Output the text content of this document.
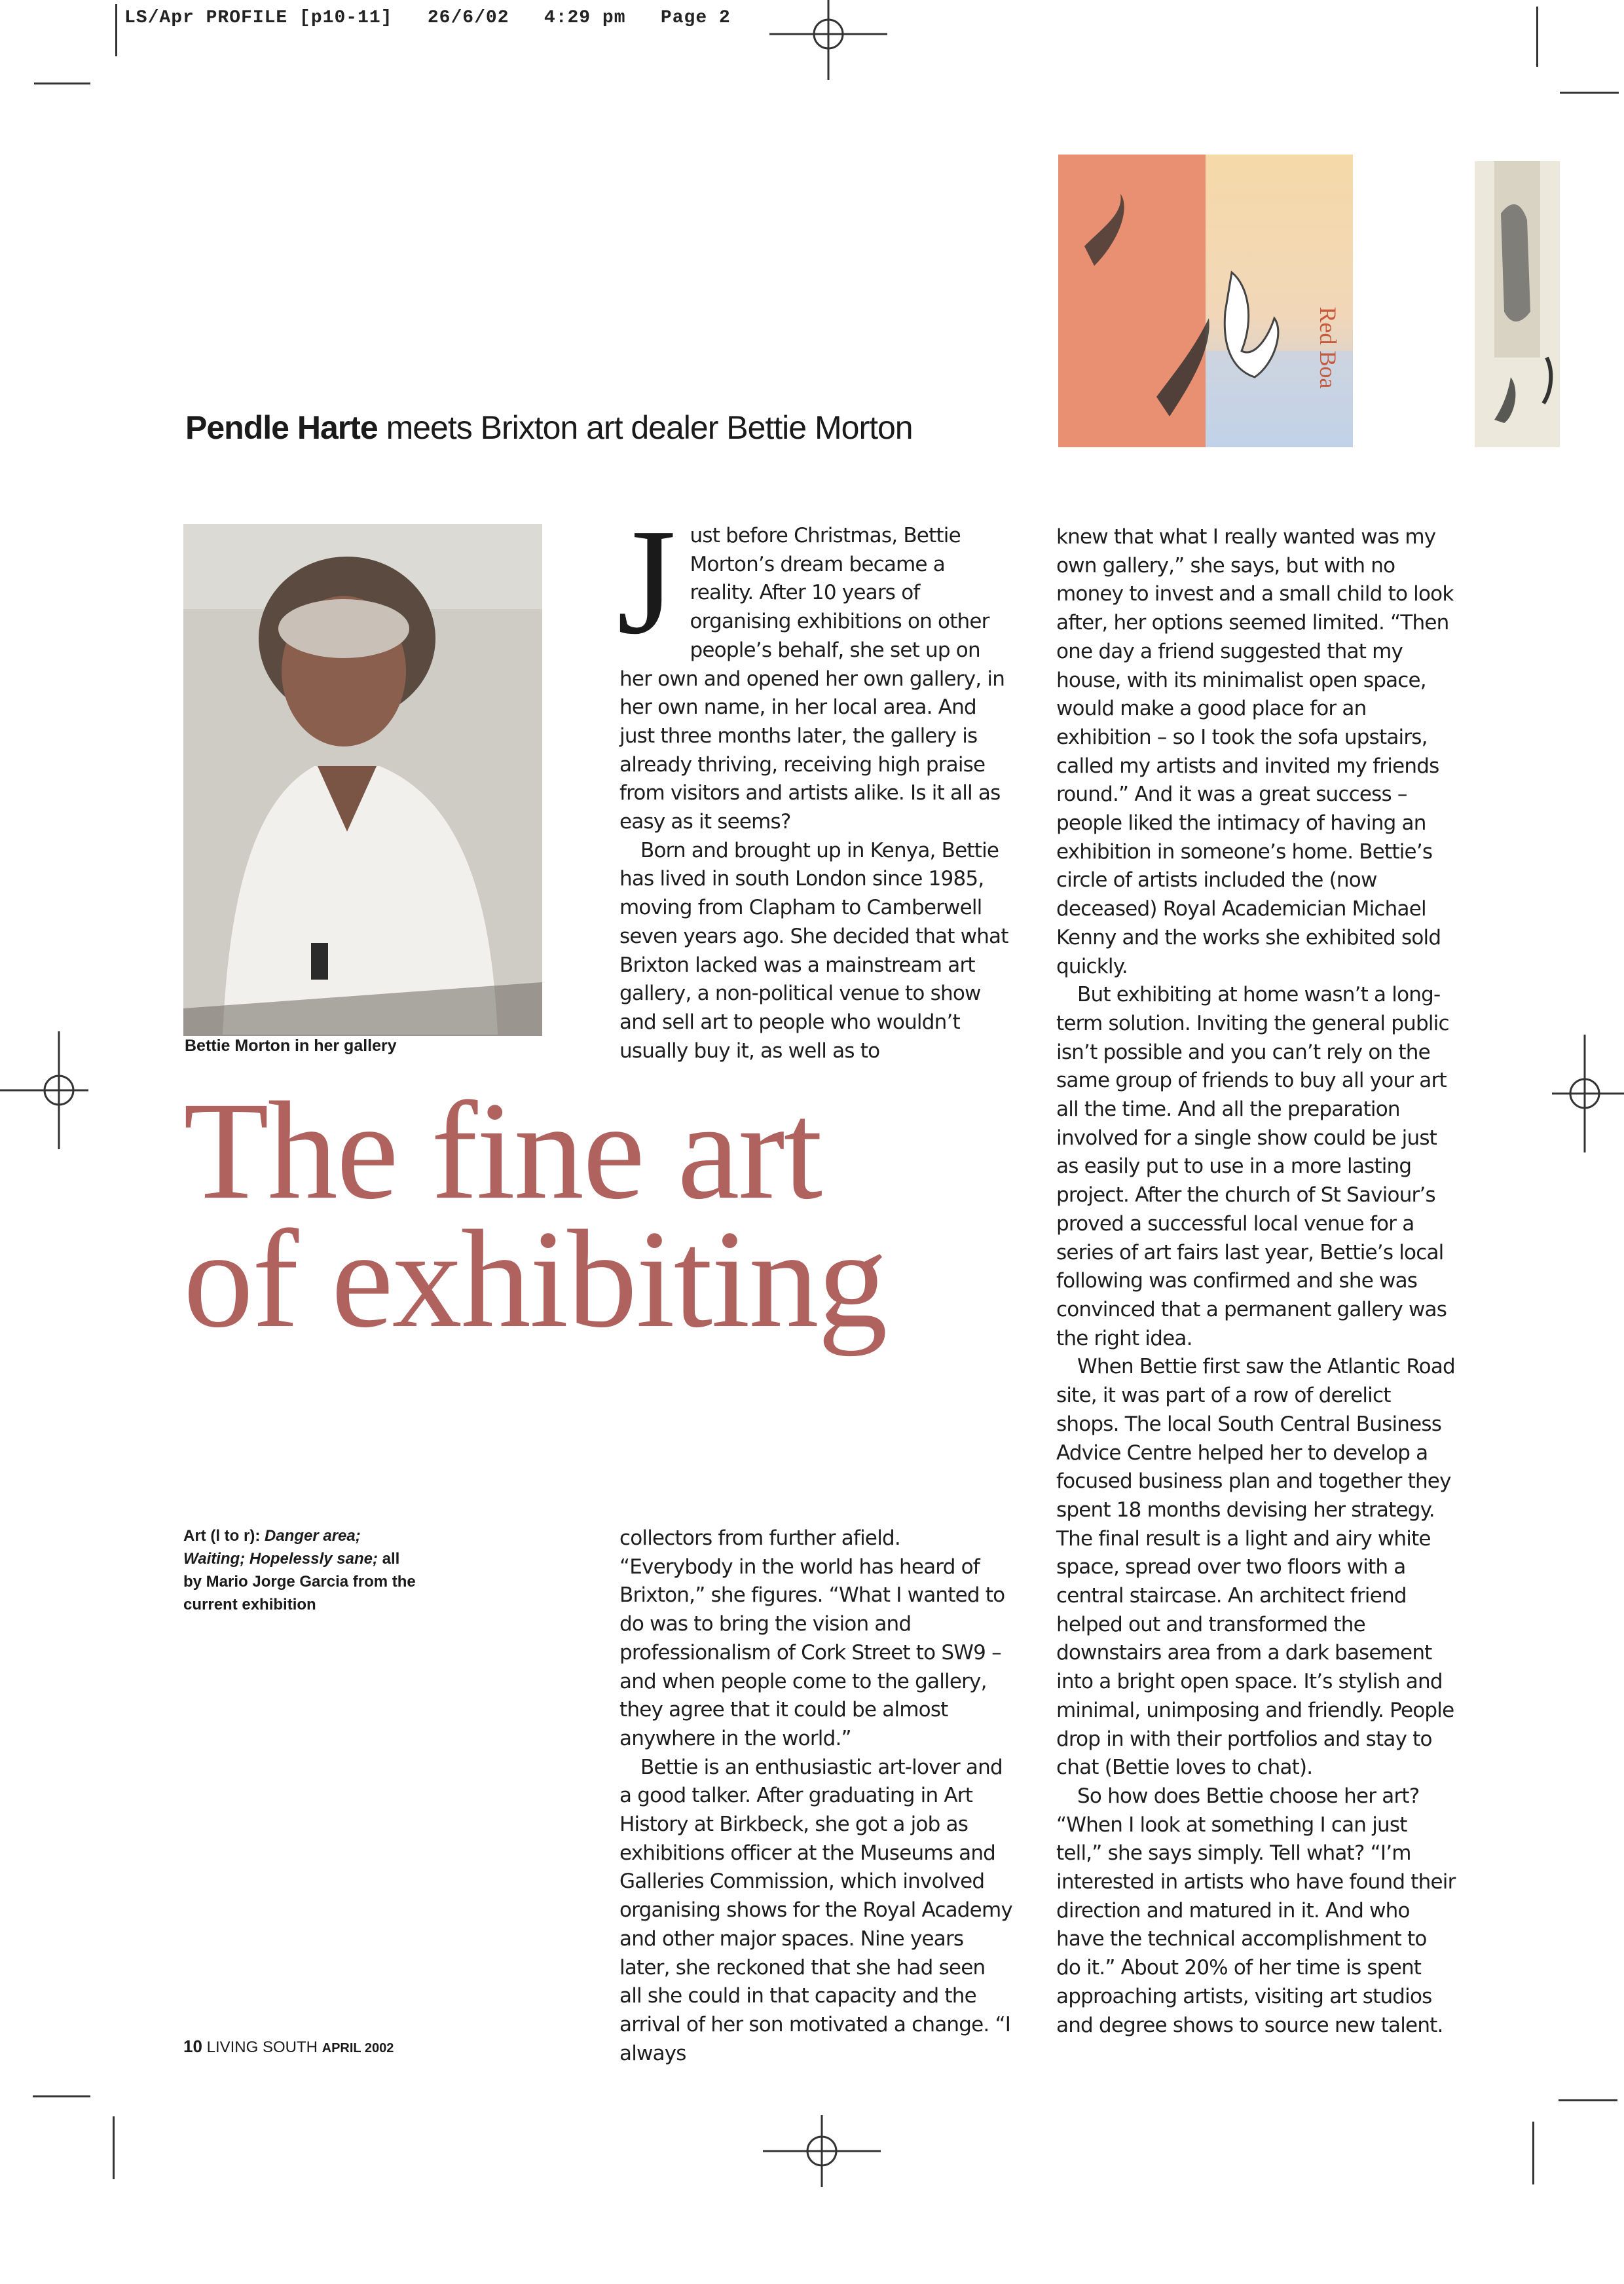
LS/Apr PROFILE [p10-11]   26/6/02   4:29 pm   Page 2
Red Boa
Pendle Harte meets Brixton art dealer Bettie Morton
Bettie Morton in her gallery
The fine art
of exhibiting
Art (l to r): Danger area; Waiting; Hopelessly sane; all by Mario Jorge Garcia from the current exhibition

Just before Christmas, Bettie Morton’s dream became a reality. After 10 years of organising exhibitions on other people’s behalf, she set up on her own and opened her own gallery, in her own name, in her local area. And just three months later, the gallery is already thriving, receiving high praise from visitors and artists alike. Is it all as easy as it seems?

Born and brought up in Kenya, Bettie has lived in south London since 1985, moving from Clapham to Camberwell seven years ago. She decided that what Brixton lacked was a mainstream art gallery, a non-political venue to show and sell art to people who wouldn’t usually buy it, as well as to

collectors from further afield. “Everybody in the world has heard of Brixton,” she figures. “What I wanted to do was to bring the vision and professionalism of Cork Street to SW9 – and when people come to the gallery, they agree that it could be almost anywhere in the world.”

Bettie is an enthusiastic art-lover and a good talker. After graduating in Art History at Birkbeck, she got a job as exhibitions officer at the Museums and Galleries Commission, which involved organising shows for the Royal Academy and other major spaces. Nine years later, she reckoned that she had seen all she could in that capacity and the arrival of her son motivated a change. “I always

knew that what I really wanted was my own gallery,” she says, but with no money to invest and a small child to look after, her options seemed limited. “Then one day a friend suggested that my house, with its minimalist open space, would make a good place for an exhibition – so I took the sofa upstairs, called my artists and invited my friends round.” And it was a great success – people liked the intimacy of having an exhibition in someone’s home. Bettie’s circle of artists included the (now deceased) Royal Academician Michael Kenny and the works she exhibited sold quickly.

But exhibiting at home wasn’t a long-term solution. Inviting the general public isn’t possible and you can’t rely on the same group of friends to buy all your art all the time. And all the preparation involved for a single show could be just as easily put to use in a more lasting project. After the church of St Saviour’s proved a successful local venue for a series of art fairs last year, Bettie’s local following was confirmed and she was convinced that a permanent gallery was the right idea.

When Bettie first saw the Atlantic Road site, it was part of a row of derelict shops. The local South Central Business Advice Centre helped her to develop a focused business plan and together they spent 18 months devising her strategy. The final result is a light and airy white space, spread over two floors with a central staircase. An architect friend helped out and transformed the downstairs area from a dark basement into a bright open space. It’s stylish and minimal, unimposing and friendly. People drop in with their portfolios and stay to chat (Bettie loves to chat).

So how does Bettie choose her art? “When I look at something I can just tell,” she says simply. Tell what? “I’m interested in artists who have found their direction and matured in it. And who have the technical accomplishment to do it.” About 20% of her time is spent approaching artists, visiting art studios and degree shows to source new talent.

10 LIVING SOUTH APRIL 2002
